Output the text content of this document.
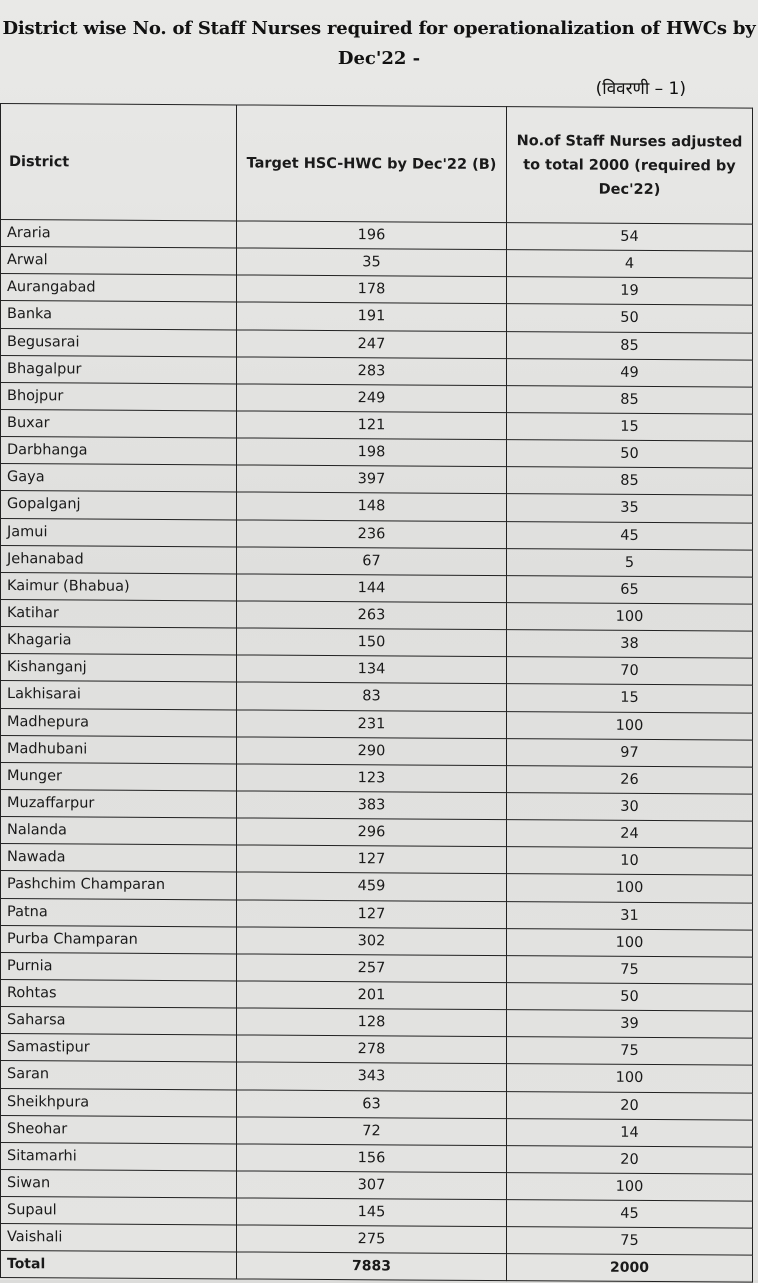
District wise No. of Staff Nurses required for operationalization of HWCs by
Dec'22 -
(विवरणी – 1)
District	Target HSC-HWC by Dec'22 (B)	No.of Staff Nurses adjusted to total 2000 (required by Dec'22)
Araria	196	54
Arwal	35	4
Aurangabad	178	19
Banka	191	50
Begusarai	247	85
Bhagalpur	283	49
Bhojpur	249	85
Buxar	121	15
Darbhanga	198	50
Gaya	397	85
Gopalganj	148	35
Jamui	236	45
Jehanabad	67	5
Kaimur (Bhabua)	144	65
Katihar	263	100
Khagaria	150	38
Kishanganj	134	70
Lakhisarai	83	15
Madhepura	231	100
Madhubani	290	97
Munger	123	26
Muzaffarpur	383	30
Nalanda	296	24
Nawada	127	10
Pashchim Champaran	459	100
Patna	127	31
Purba Champaran	302	100
Purnia	257	75
Rohtas	201	50
Saharsa	128	39
Samastipur	278	75
Saran	343	100
Sheikhpura	63	20
Sheohar	72	14
Sitamarhi	156	20
Siwan	307	100
Supaul	145	45
Vaishali	275	75
Total	7883	2000
